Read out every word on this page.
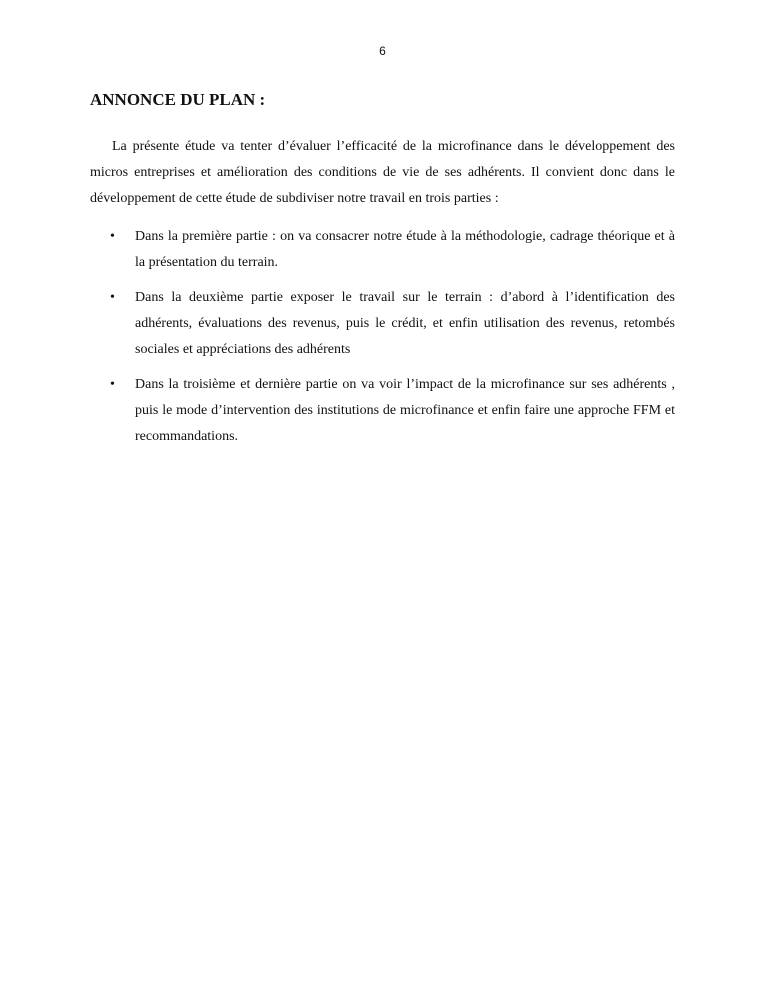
6
ANNONCE DU PLAN :

La présente étude va tenter d’évaluer l’efficacité de la microfinance dans le développement des micros entreprises et amélioration des conditions de vie de ses adhérents. Il convient donc dans le développement de cette étude de subdiviser notre travail en trois parties :

• Dans la première partie : on va consacrer notre étude à la méthodologie, cadrage théorique et à la présentation du terrain.
• Dans la deuxième partie exposer le travail sur le terrain : d’abord à l’identification des adhérents, évaluations des revenus, puis le crédit, et enfin utilisation des revenus, retombés sociales et appréciations des adhérents
• Dans la troisième et dernière partie on va voir l’impact de la microfinance sur ses adhérents , puis le mode d’intervention des institutions de microfinance et enfin faire une approche FFM et recommandations.
